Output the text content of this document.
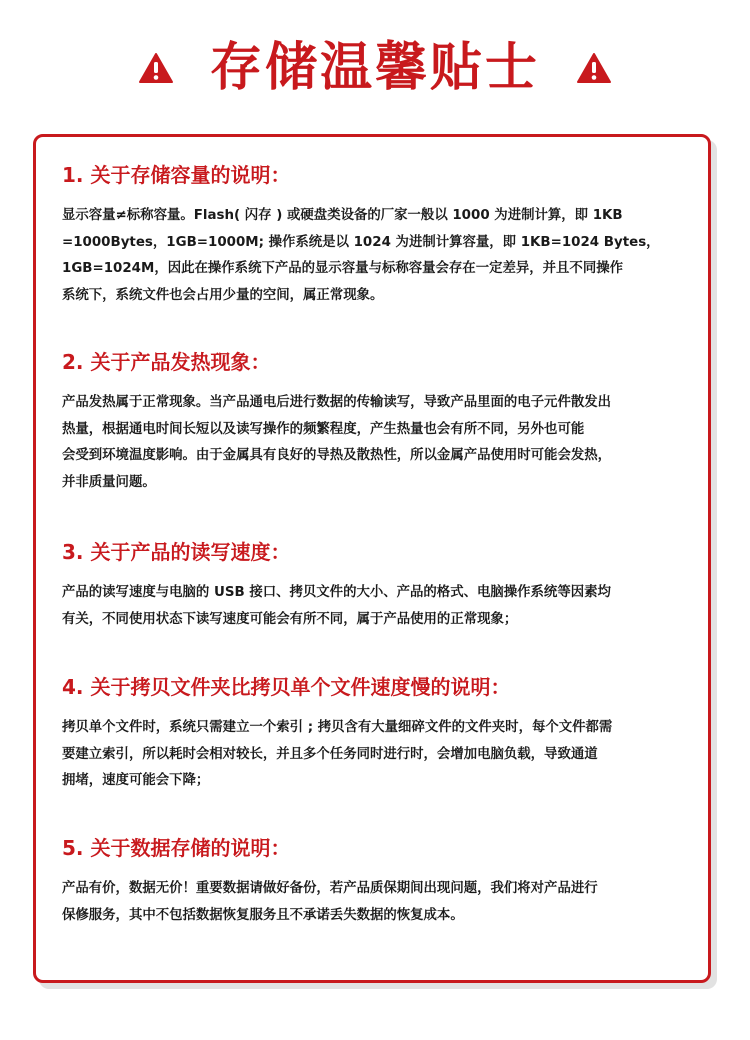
存储温馨贴士
1. 关于存储容量的说明：

显示容量≠标称容量。Flash( 闪存 ) 或硬盘类设备的厂家一般以 1000 为进制计算，即 1KB
=1000Bytes，1GB=1000M; 操作系统是以 1024 为进制计算容量，即 1KB=1024 Bytes，
1GB=1024M，因此在操作系统下产品的显示容量与标称容量会存在一定差异，并且不同操作
系统下，系统文件也会占用少量的空间，属正常现象。

2. 关于产品发热现象：

产品发热属于正常现象。当产品通电后进行数据的传输读写，导致产品里面的电子元件散发出
热量，根据通电时间长短以及读写操作的频繁程度，产生热量也会有所不同，另外也可能
会受到环境温度影响。由于金属具有良好的导热及散热性，所以金属产品使用时可能会发热，
并非质量问题。

3. 关于产品的读写速度：

产品的读写速度与电脑的 USB 接口、拷贝文件的大小、产品的格式、电脑操作系统等因素均
有关，不同使用状态下读写速度可能会有所不同，属于产品使用的正常现象；

4. 关于拷贝文件夹比拷贝单个文件速度慢的说明：

拷贝单个文件时，系统只需建立一个索引 ; 拷贝含有大量细碎文件的文件夹时，每个文件都需
要建立索引，所以耗时会相对较长，并且多个任务同时进行时，会增加电脑负载，导致通道
拥堵，速度可能会下降；

5. 关于数据存储的说明：

产品有价，数据无价！重要数据请做好备份，若产品质保期间出现问题，我们将对产品进行
保修服务，其中不包括数据恢复服务且不承诺丢失数据的恢复成本。
